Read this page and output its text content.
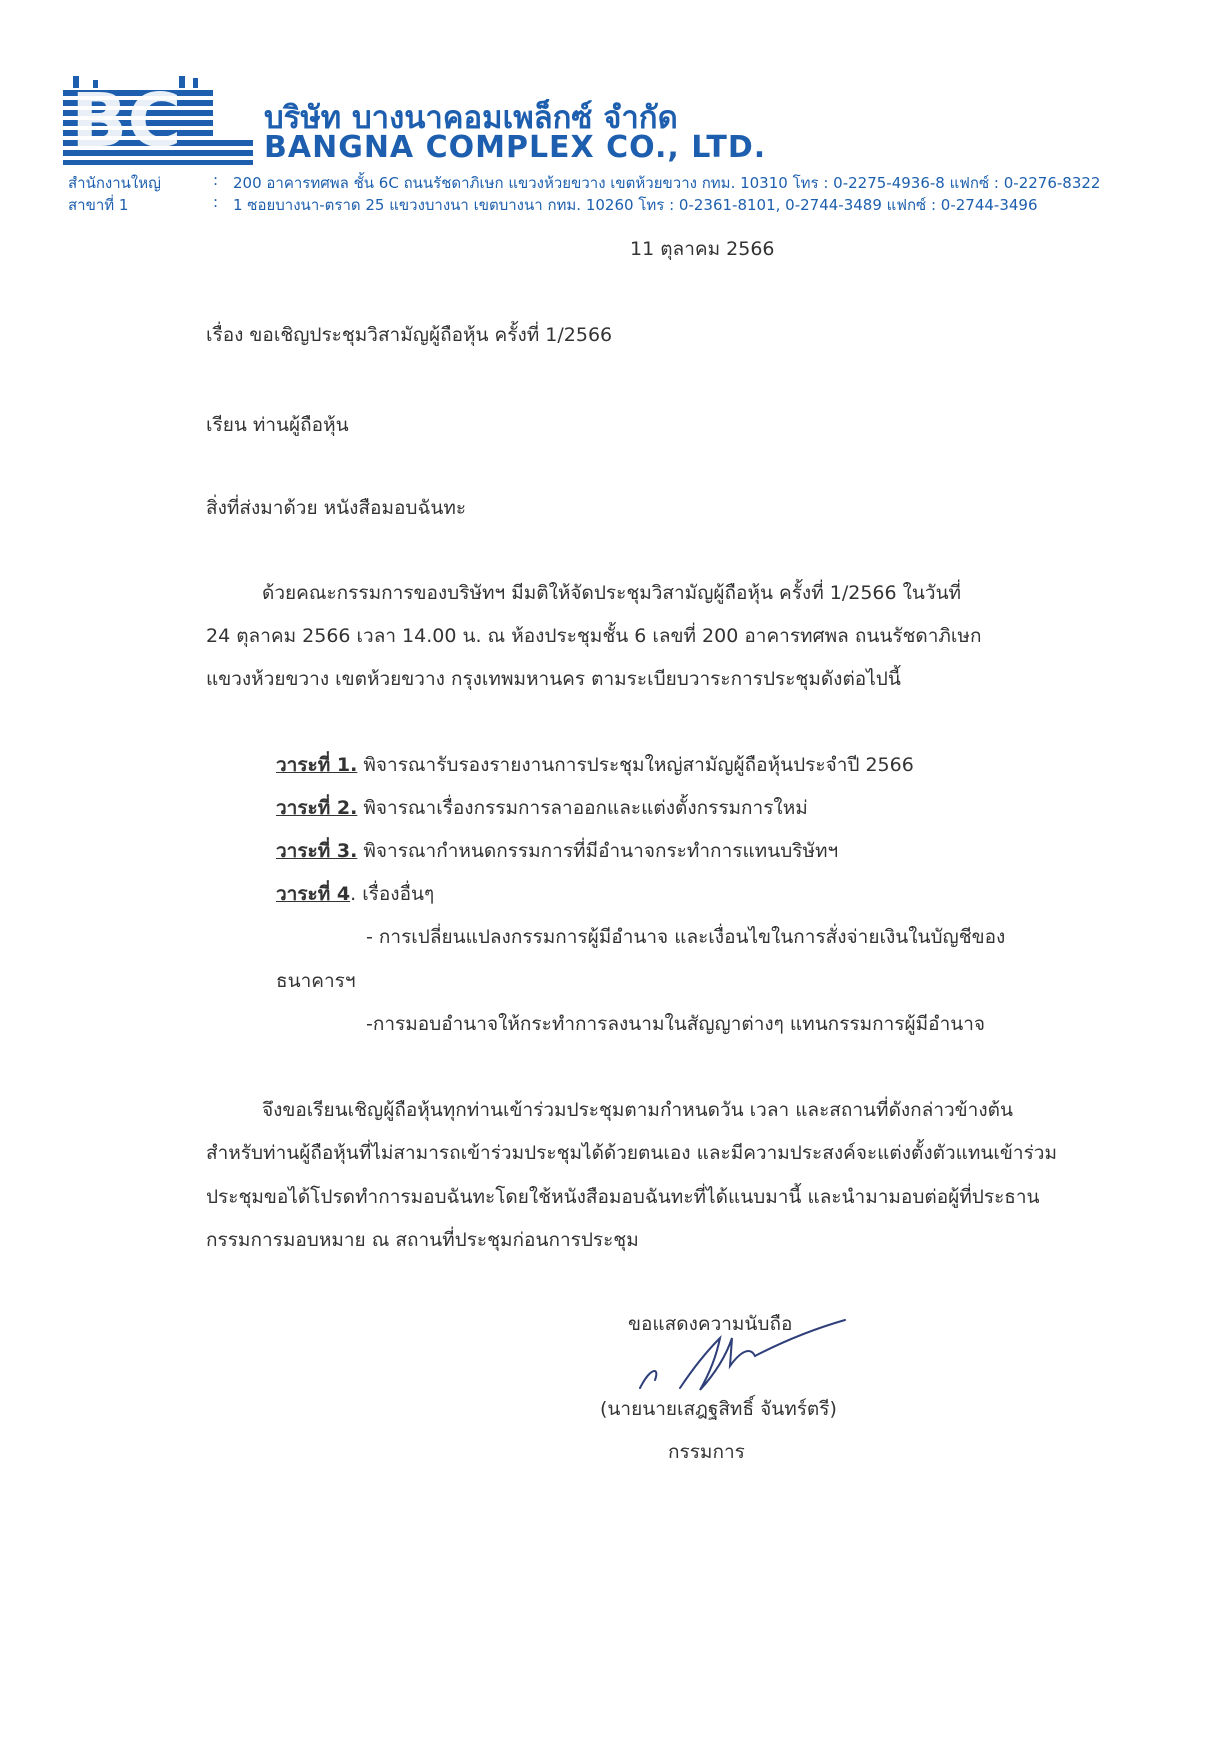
BC	บริษัท บางนาคอมเพล็กซ์ จำกัด
BANGNA COMPLEX CO., LTD.
สำนักงานใหญ่	: 200 อาคารทศพล ชั้น 6C ถนนรัชดาภิเษก แขวงห้วยขวาง เขตห้วยขวาง กทม. 10310 โทร : 0-2275-4936-8 แฟกซ์ : 0-2276-8322
สาขาที่ 1	: 1 ซอยบางนา-ตราด 25 แขวงบางนา เขตบางนา กทม. 10260 โทร : 0-2361-8101, 0-2744-3489 แฟกซ์ : 0-2744-3496
11 ตุลาคม 2566
เรื่อง ขอเชิญประชุมวิสามัญผู้ถือหุ้น ครั้งที่ 1/2566
เรียน ท่านผู้ถือหุ้น
สิ่งที่ส่งมาด้วย หนังสือมอบฉันทะ
ด้วยคณะกรรมการของบริษัทฯ มีมติให้จัดประชุมวิสามัญผู้ถือหุ้น ครั้งที่ 1/2566 ในวันที่
24 ตุลาคม 2566 เวลา 14.00 น. ณ ห้องประชุมชั้น 6 เลขที่ 200 อาคารทศพล ถนนรัชดาภิเษก
แขวงห้วยขวาง เขตห้วยขวาง กรุงเทพมหานคร ตามระเบียบวาระการประชุมดังต่อไปนี้
วาระที่ 1. พิจารณารับรองรายงานการประชุมใหญ่สามัญผู้ถือหุ้นประจำปี 2566
วาระที่ 2. พิจารณาเรื่องกรรมการลาออกและแต่งตั้งกรรมการใหม่
วาระที่ 3. พิจารณากำหนดกรรมการที่มีอำนาจกระทำการแทนบริษัทฯ
วาระที่ 4. เรื่องอื่นๆ
- การเปลี่ยนแปลงกรรมการผู้มีอำนาจ และเงื่อนไขในการสั่งจ่ายเงินในบัญชีของ
ธนาคารฯ
-การมอบอำนาจให้กระทำการลงนามในสัญญาต่างๆ แทนกรรมการผู้มีอำนาจ
จึงขอเรียนเชิญผู้ถือหุ้นทุกท่านเข้าร่วมประชุมตามกำหนดวัน เวลา และสถานที่ดังกล่าวข้างต้น
สำหรับท่านผู้ถือหุ้นที่ไม่สามารถเข้าร่วมประชุมได้ด้วยตนเอง และมีความประสงค์จะแต่งตั้งตัวแทนเข้าร่วม
ประชุมขอได้โปรดทำการมอบฉันทะโดยใช้หนังสือมอบฉันทะที่ได้แนบมานี้ และนำมามอบต่อผู้ที่ประธาน
กรรมการมอบหมาย ณ สถานที่ประชุมก่อนการประชุม
ขอแสดงความนับถือ
(นายนายเสฎฐสิทธิ์ จันทร์ตรี)
กรรมการ
